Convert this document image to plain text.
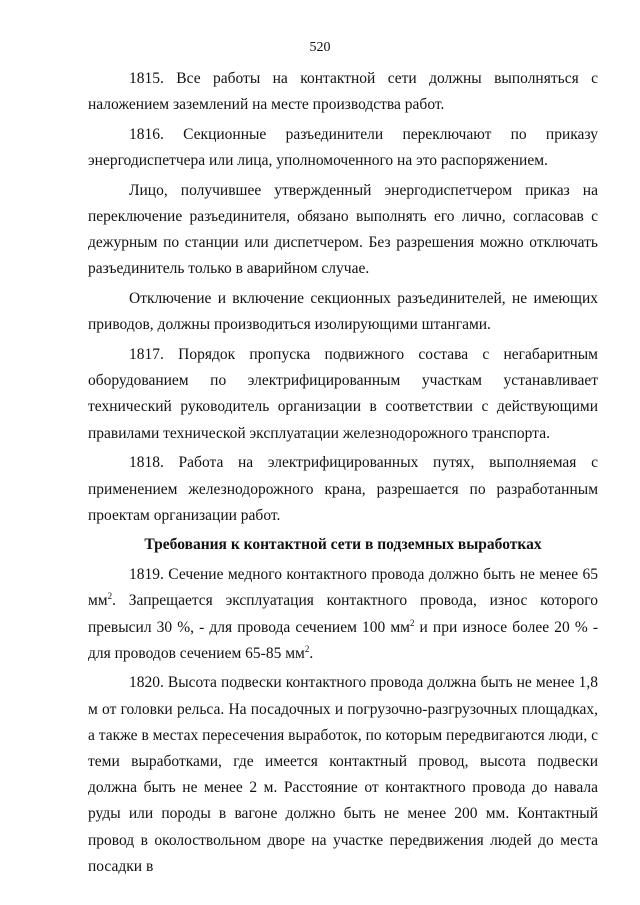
520

1815. Все работы на контактной сети должны выполняться с наложением заземлений на месте производства работ.

1816. Секционные разъединители переключают по приказу энергодиспетчера или лица, уполномоченного на это распоряжением.

Лицо, получившее утвержденный энергодиспетчером приказ на переключение разъединителя, обязано выполнять его лично, согласовав с дежурным по станции или диспетчером. Без разрешения можно отключать разъединитель только в аварийном случае.

Отключение и включение секционных разъединителей, не имеющих приводов, должны производиться изолирующими штангами.

1817. Порядок пропуска подвижного состава с негабаритным оборудованием по электрифицированным участкам устанавливает технический руководитель организации в соответствии с действующими правилами технической эксплуатации железнодорожного транспорта.

1818. Работа на электрифицированных путях, выполняемая с применением железнодорожного крана, разрешается по разработанным проектам организации работ.

Требования к контактной сети в подземных выработках

1819. Сечение медного контактного провода должно быть не менее 65 $мм^2$. Запрещается эксплуатация контактного провода, износ которого превысил 30 %, - для провода сечением 100 $мм^2$ и при износе более 20 % - для проводов сечением 65-85 $мм^2$.

1820. Высота подвески контактного провода должна быть не менее 1,8 м от головки рельса. На посадочных и погрузочно-разгрузочных площадках, а также в местах пересечения выработок, по которым передвигаются люди, с теми выработками, где имеется контактный провод, высота подвески должна быть не менее 2 м. Расстояние от контактного провода до навала руды или породы в вагоне должно быть не менее 200 мм. Контактный провод в околоствольном дворе на участке передвижения людей до места посадки в
